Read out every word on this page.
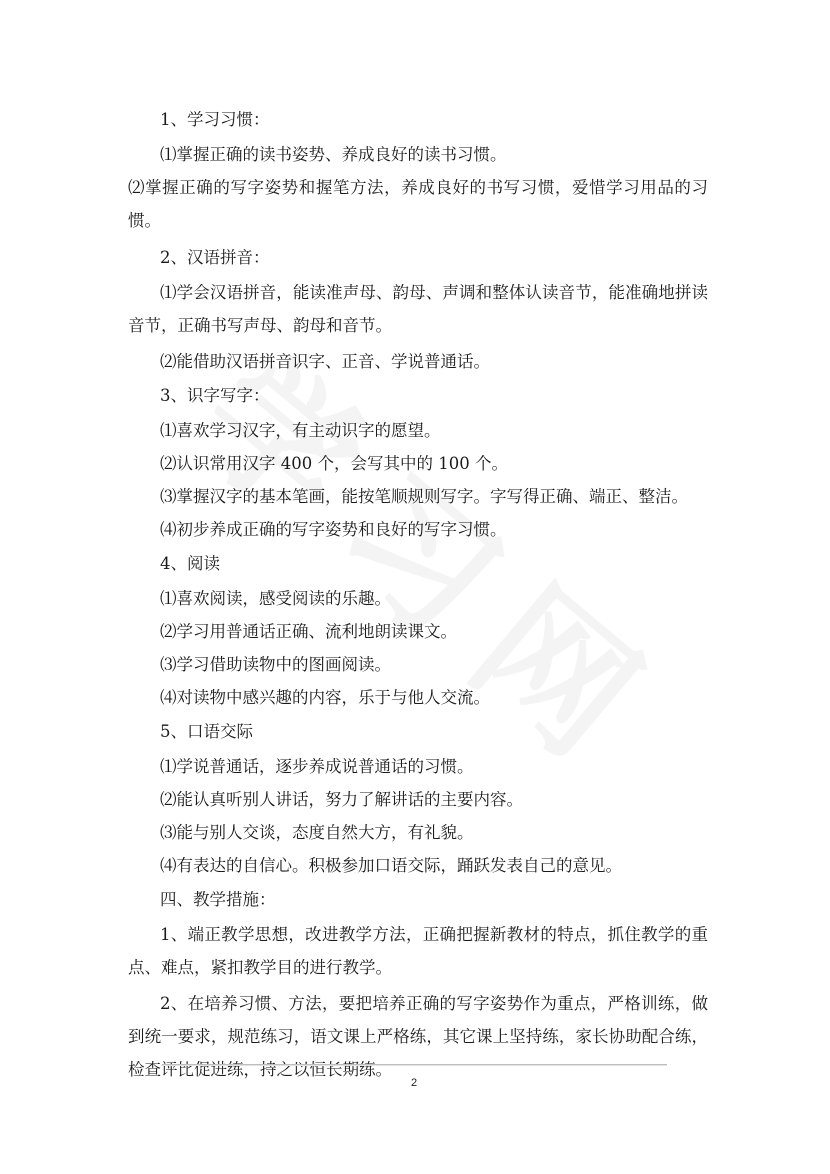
1、学习习惯：

⑴掌握正确的读书姿势、养成良好的读书习惯。

⑵掌握正确的写字姿势和握笔方法，养成良好的书写习惯，爱惜学习用品的习惯。

2、汉语拼音：

⑴学会汉语拼音，能读准声母、韵母、声调和整体认读音节，能准确地拼读音节，正确书写声母、韵母和音节。

⑵能借助汉语拼音识字、正音、学说普通话。

3、识字写字：

⑴喜欢学习汉字，有主动识字的愿望。

⑵认识常用汉字 400 个，会写其中的 100 个。

⑶掌握汉字的基本笔画，能按笔顺规则写字。字写得正确、端正、整洁。

⑷初步养成正确的写字姿势和良好的写字习惯。

4、阅读

⑴喜欢阅读，感受阅读的乐趣。

⑵学习用普通话正确、流利地朗读课文。

⑶学习借助读物中的图画阅读。

⑷对读物中感兴趣的内容，乐于与他人交流。

5、口语交际

⑴学说普通话，逐步养成说普通话的习惯。

⑵能认真听别人讲话，努力了解讲话的主要内容。

⑶能与别人交谈，态度自然大方，有礼貌。

⑷有表达的自信心。积极参加口语交际，踊跃发表自己的意见。

四、教学措施：

1、端正教学思想，改进教学方法，正确把握新教材的特点，抓住教学的重点、难点，紧扣教学目的进行教学。

2、在培养习惯、方法，要把培养正确的写字姿势作为重点，严格训练，做到统一要求，规范练习，语文课上严格练，其它课上坚持练，家长协助配合练，检查评比促进练，持之以恒长期练。

2
